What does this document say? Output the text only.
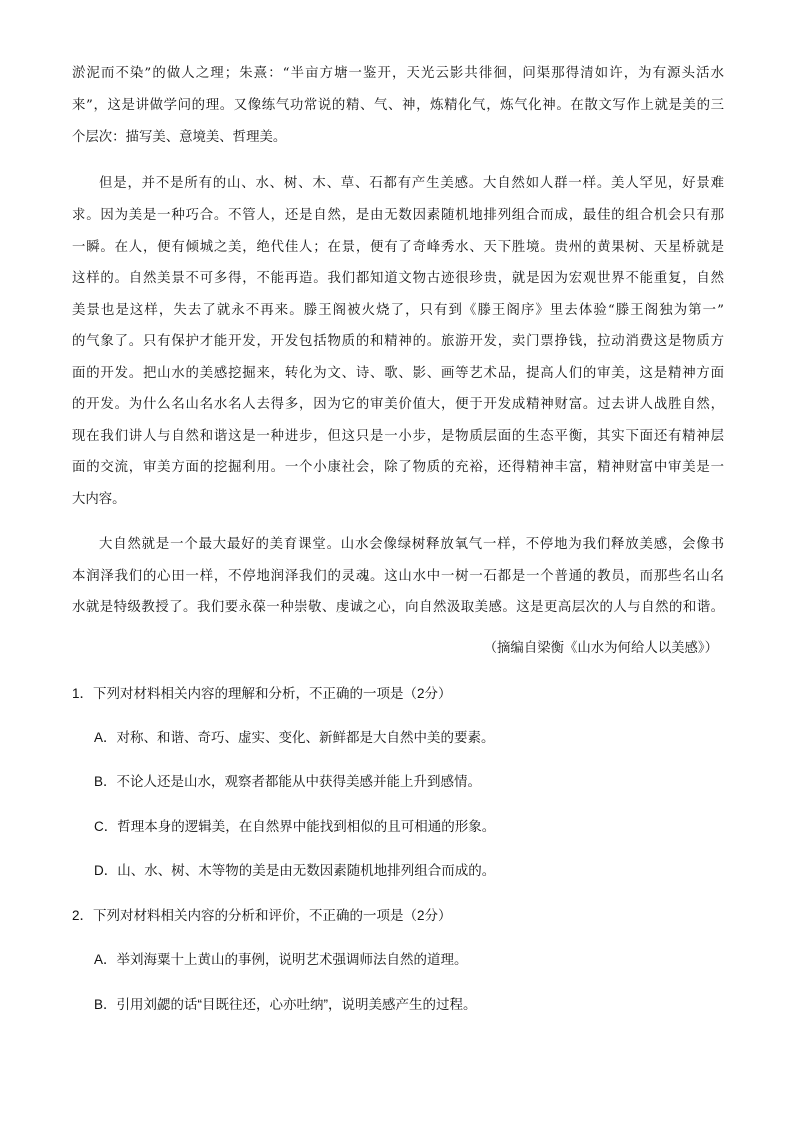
淤泥而不染”的做人之理；朱熹：“半亩方塘一鉴开，天光云影共徘徊，问渠那得清如许，为有源头活水
来”，这是讲做学问的理。又像练气功常说的精、气、神，炼精化气，炼气化神。在散文写作上就是美的三
个层次：描写美、意境美、哲理美。
但是，并不是所有的山、水、树、木、草、石都有产生美感。大自然如人群一样。美人罕见，好景难
求。因为美是一种巧合。不管人，还是自然，是由无数因素随机地排列组合而成，最佳的组合机会只有那
一瞬。在人，便有倾城之美，绝代佳人；在景，便有了奇峰秀水、天下胜境。贵州的黄果树、天星桥就是
这样的。自然美景不可多得，不能再造。我们都知道文物古迹很珍贵，就是因为宏观世界不能重复，自然
美景也是这样，失去了就永不再来。滕王阁被火烧了，只有到《滕王阁序》里去体验“滕王阁独为第一”
的气象了。只有保护才能开发，开发包括物质的和精神的。旅游开发，卖门票挣钱，拉动消费这是物质方
面的开发。把山水的美感挖掘来，转化为文、诗、歌、影、画等艺术品，提高人们的审美，这是精神方面
的开发。为什么名山名水名人去得多，因为它的审美价值大，便于开发成精神财富。过去讲人战胜自然，
现在我们讲人与自然和谐这是一种进步，但这只是一小步，是物质层面的生态平衡，其实下面还有精神层
面的交流，审美方面的挖掘利用。一个小康社会，除了物质的充裕，还得精神丰富，精神财富中审美是一
大内容。
大自然就是一个最大最好的美育课堂。山水会像绿树释放氧气一样，不停地为我们释放美感，会像书
本润泽我们的心田一样，不停地润泽我们的灵魂。这山水中一树一石都是一个普通的教员，而那些名山名
水就是特级教授了。我们要永葆一种崇敬、虔诚之心，向自然汲取美感。这是更高层次的人与自然的和谐。
（摘编自梁衡《山水为何给人以美感》）
1．下列对材料相关内容的理解和分析，不正确的一项是（2分）
A．对称、和谐、奇巧、虚实、变化、新鲜都是大自然中美的要素。
B．不论人还是山水，观察者都能从中获得美感并能上升到感情。
C．哲理本身的逻辑美，在自然界中能找到相似的且可相通的形象。
D．山、水、树、木等物的美是由无数因素随机地排列组合而成的。
2．下列对材料相关内容的分析和评价，不正确的一项是（2分）
A．举刘海粟十上黄山的事例，说明艺术强调师法自然的道理。
B．引用刘勰的话“目既往还，心亦吐纳”，说明美感产生的过程。
